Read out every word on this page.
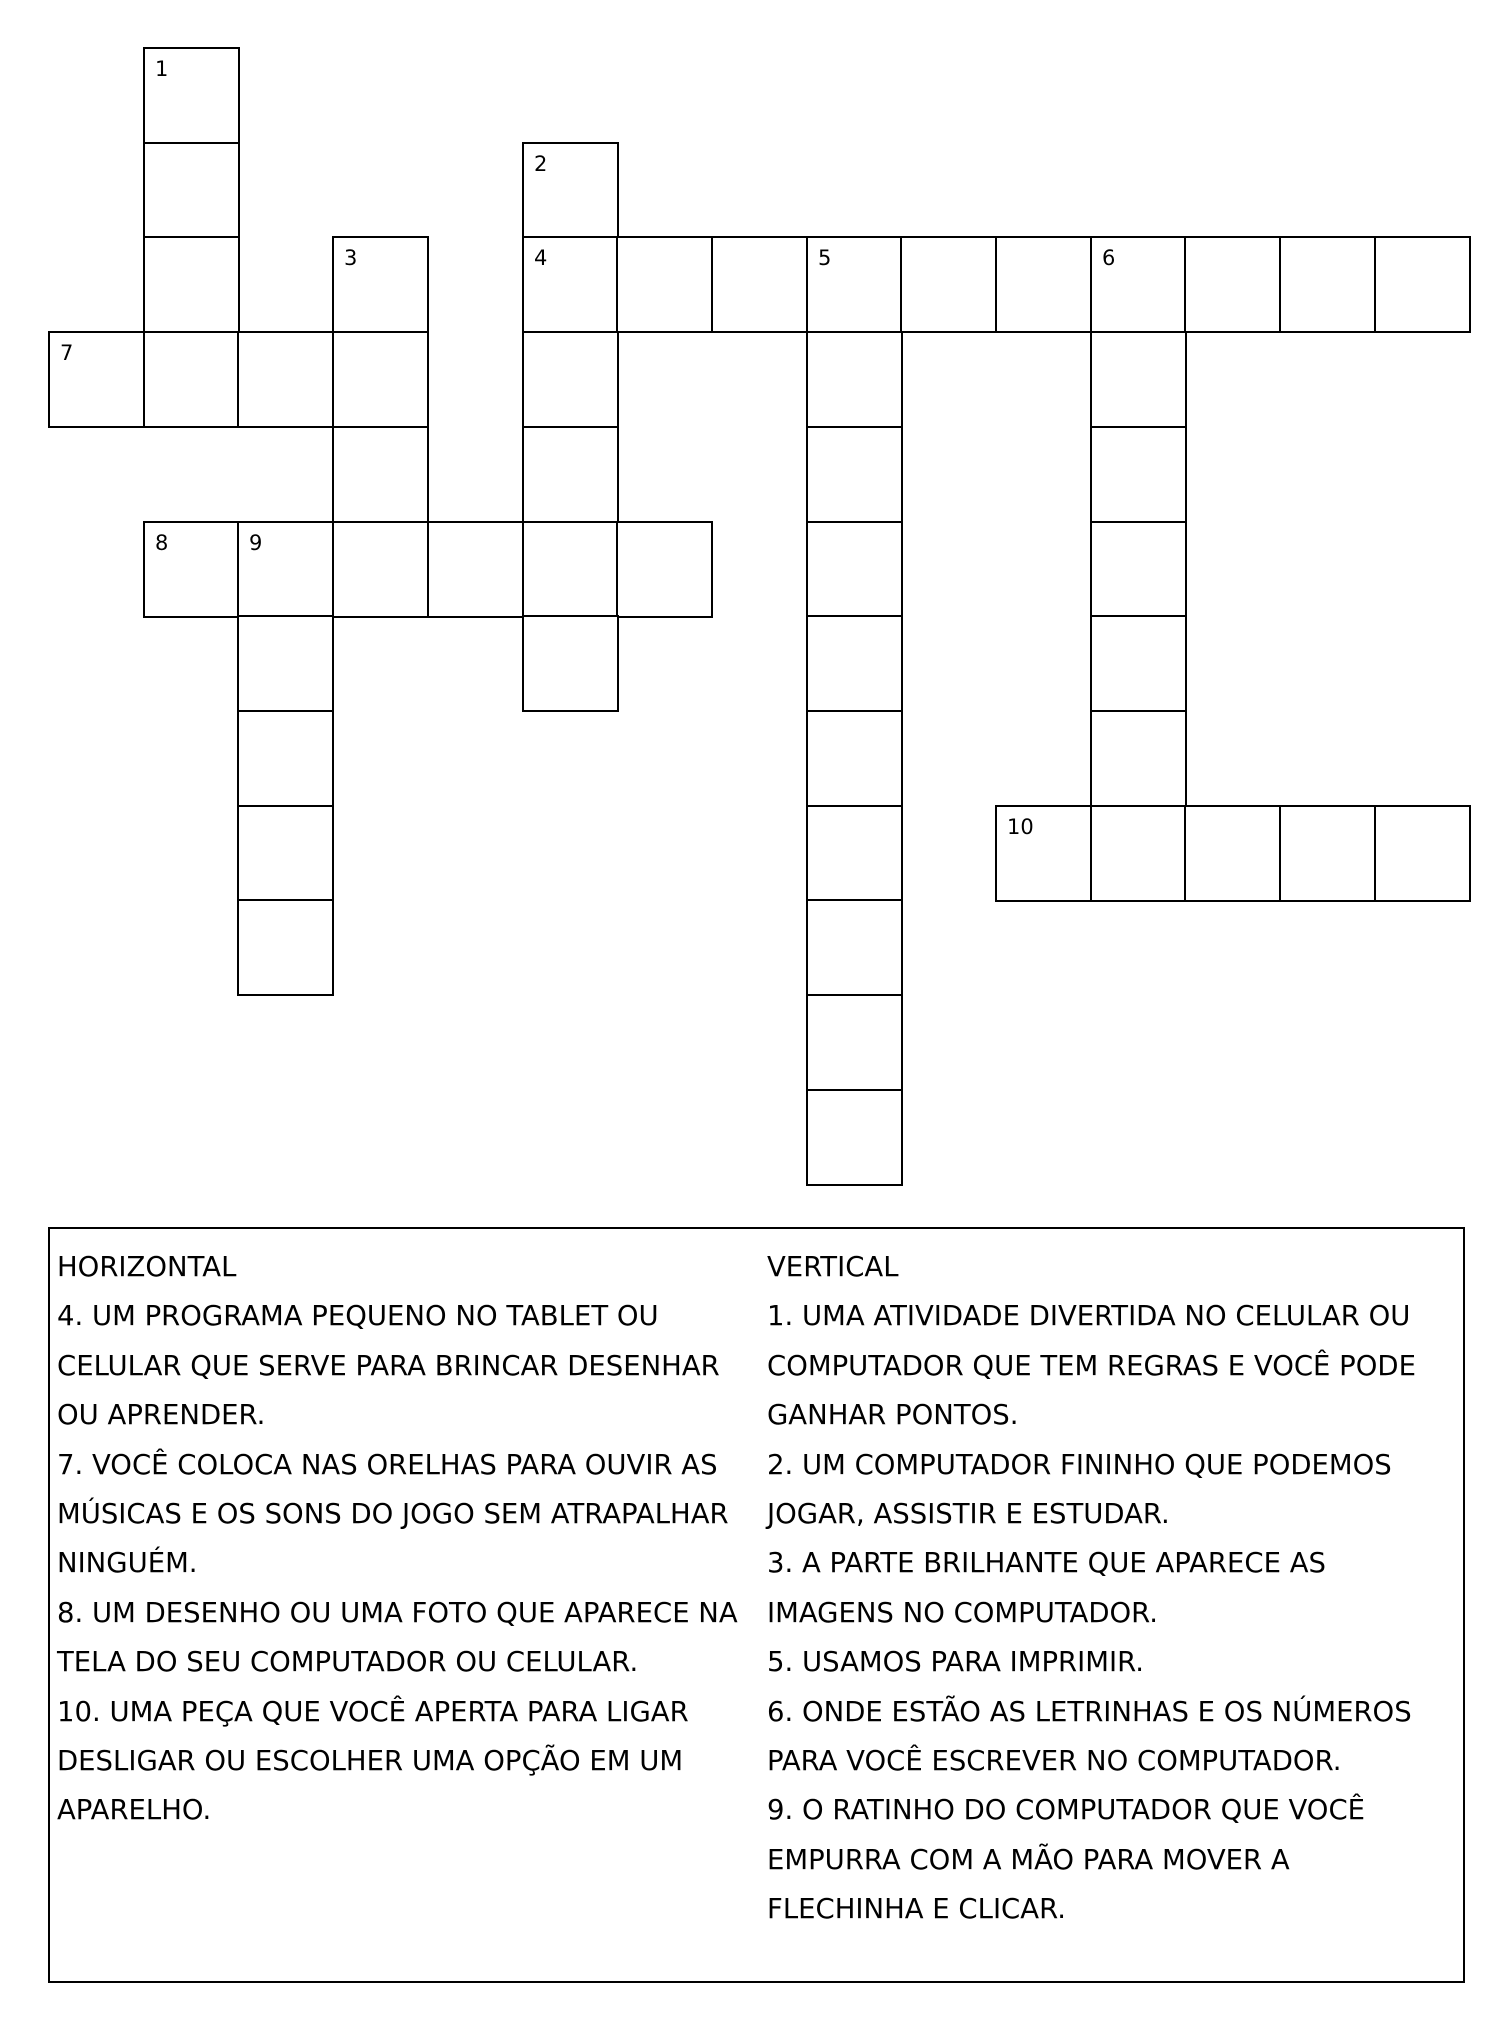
1
2
3	4	5	6
7
8	9
10
HORIZONTAL
4. UM PROGRAMA PEQUENO NO TABLET OU
CELULAR QUE SERVE PARA BRINCAR DESENHAR
OU APRENDER.
7. VOCÊ COLOCA NAS ORELHAS PARA OUVIR AS
MÚSICAS E OS SONS DO JOGO SEM ATRAPALHAR
NINGUÉM.
8. UM DESENHO OU UMA FOTO QUE APARECE NA
TELA DO SEU COMPUTADOR OU CELULAR.
10. UMA PEÇA QUE VOCÊ APERTA PARA LIGAR
DESLIGAR OU ESCOLHER UMA OPÇÃO EM UM
APARELHO.
VERTICAL
1. UMA ATIVIDADE DIVERTIDA NO CELULAR OU
COMPUTADOR QUE TEM REGRAS E VOCÊ PODE
GANHAR PONTOS.
2. UM COMPUTADOR FININHO QUE PODEMOS
JOGAR, ASSISTIR E ESTUDAR.
3. A PARTE BRILHANTE QUE APARECE AS
IMAGENS NO COMPUTADOR.
5. USAMOS PARA IMPRIMIR.
6. ONDE ESTÃO AS LETRINHAS E OS NÚMEROS
PARA VOCÊ ESCREVER NO COMPUTADOR.
9. O RATINHO DO COMPUTADOR QUE VOCÊ
EMPURRA COM A MÃO PARA MOVER A
FLECHINHA E CLICAR.
